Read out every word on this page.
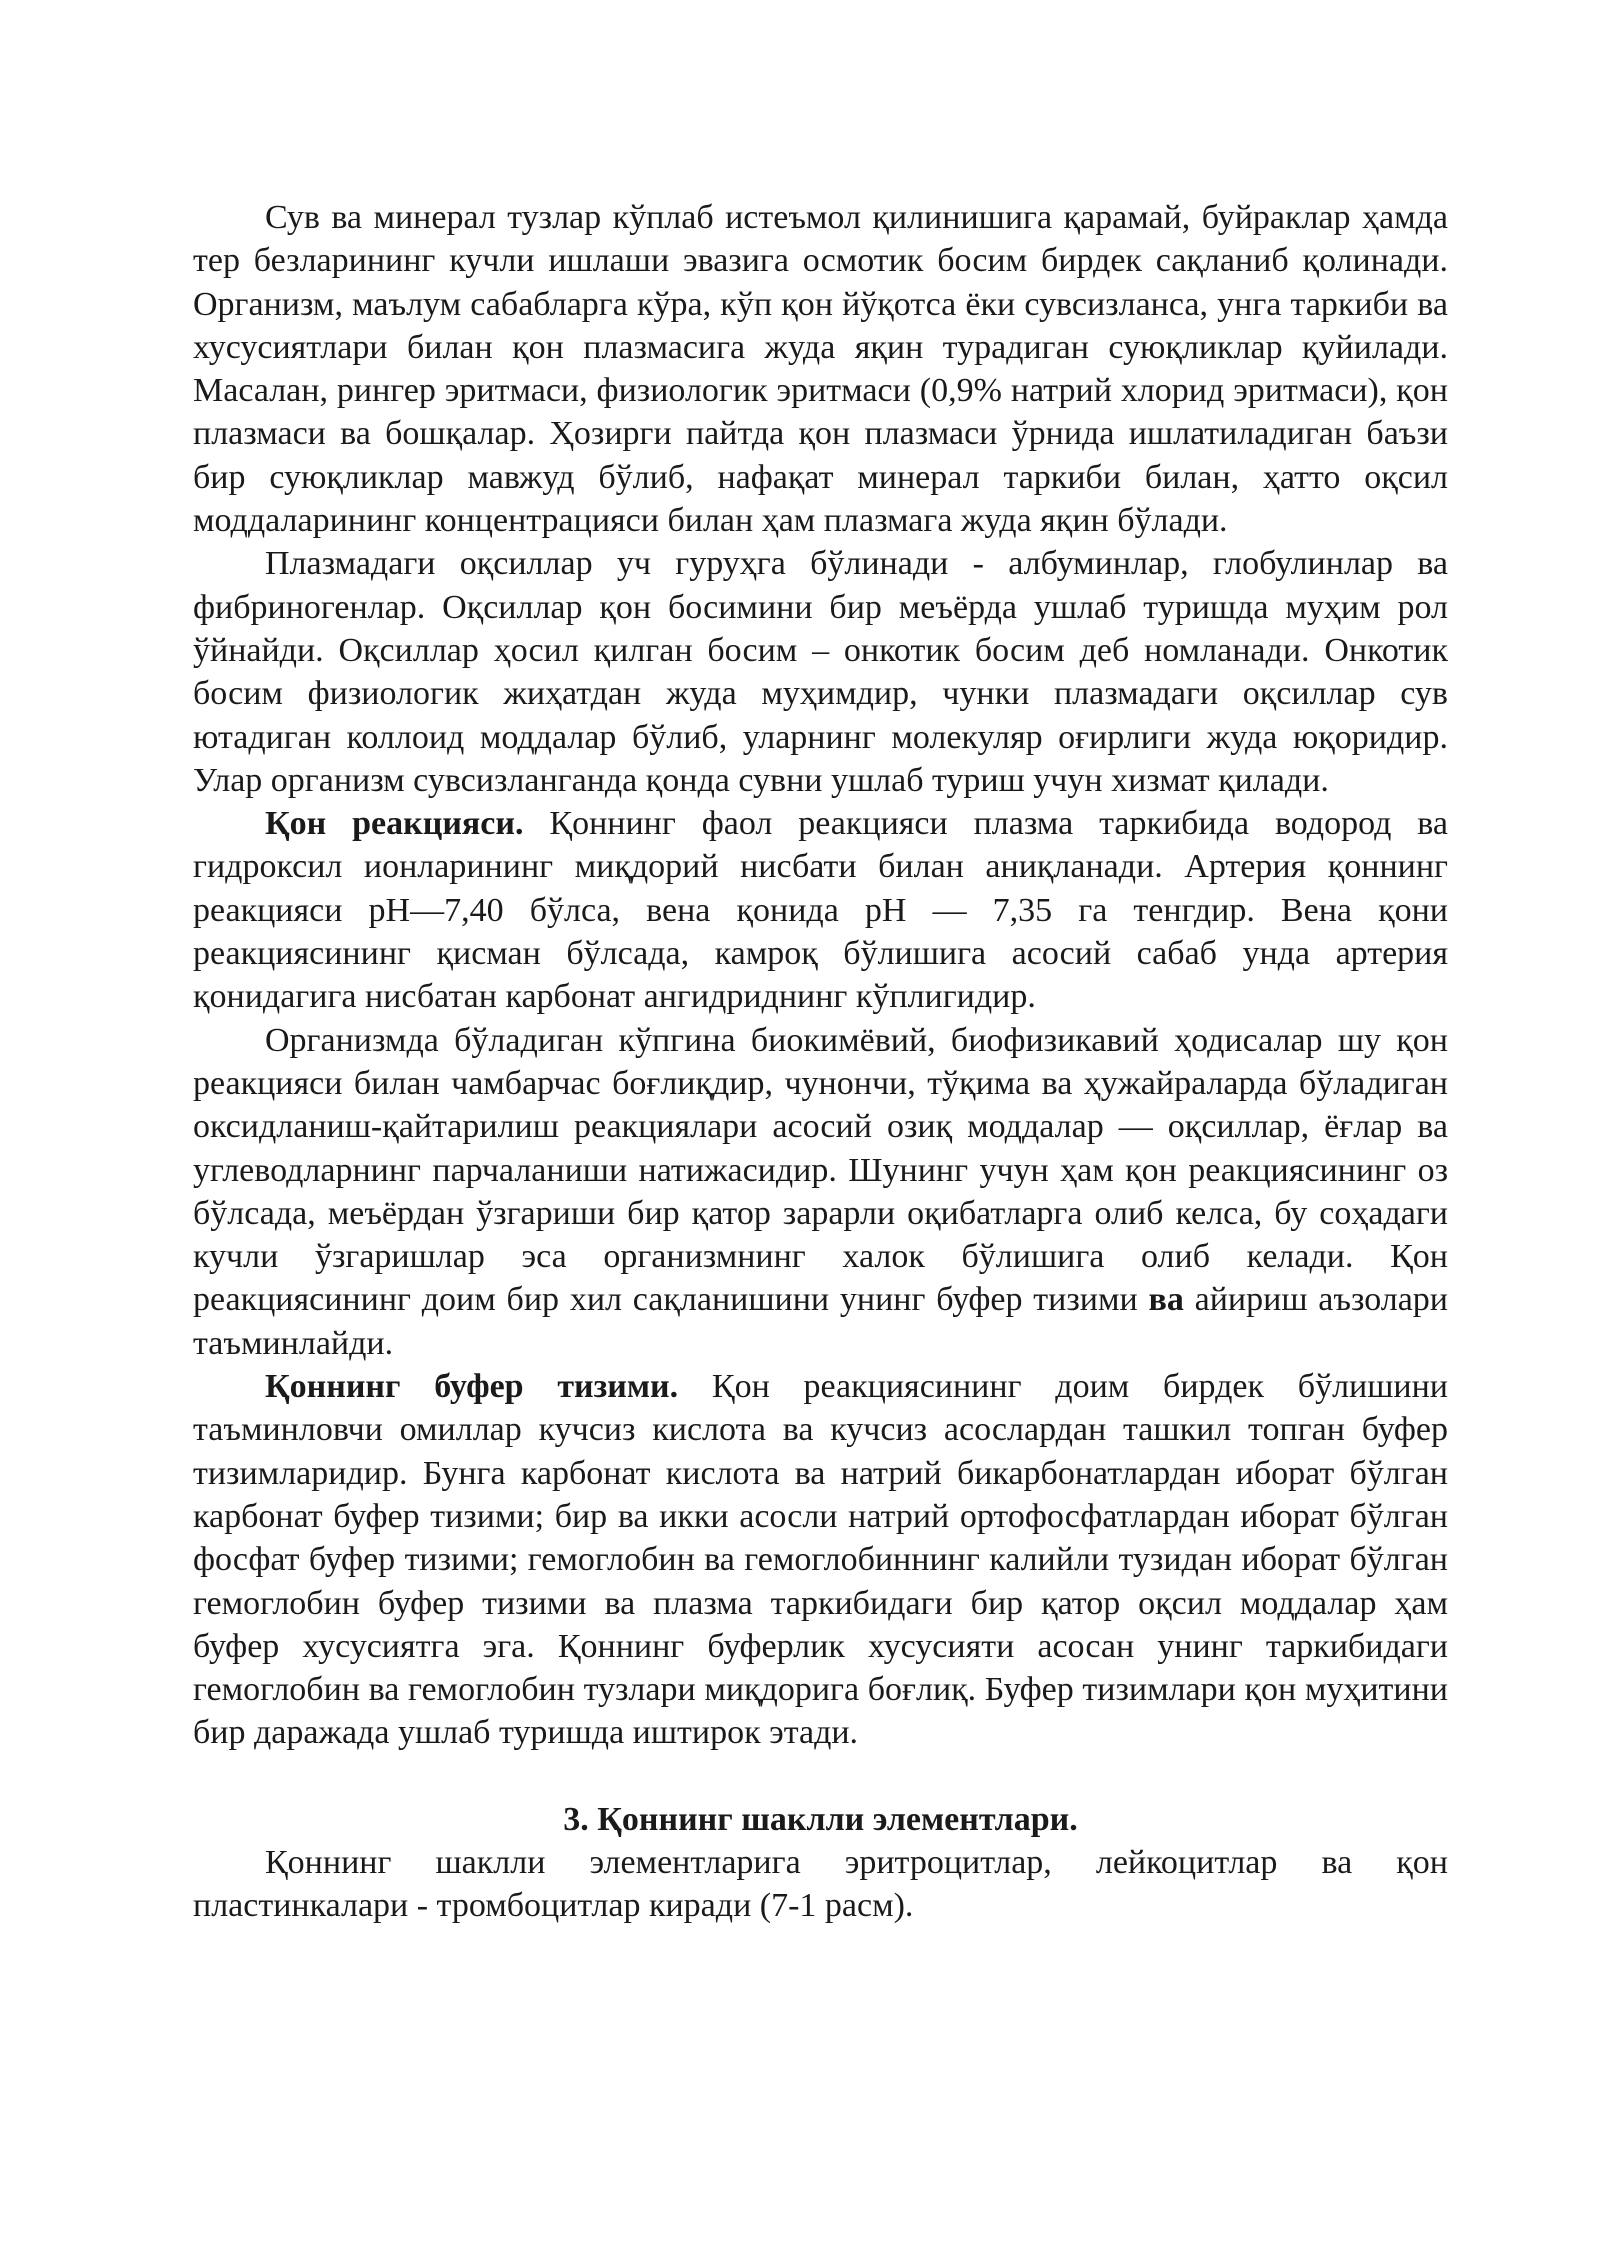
Сув ва минерал тузлар кўплаб истеъмол қилинишига қарамай, буйраклар ҳамда тер безларининг кучли ишлаши эвазига осмотик босим бирдек сақланиб қолинади. Организм, маълум сабабларга кўра, кўп қон йўқотса ёки сувсизланса, унга таркиби ва хусусиятлари билан қон плазмасига жуда яқин турадиган суюқликлар қуйилади. Масалан, рингер эритмаси, физиологик эритмаси (0,9% натрий хлорид эритмаси), қон плазмаси ва бошқалар. Ҳозирги пайтда қон плазмаси ўрнида ишлатиладиган баъзи бир суюқликлар мавжуд бўлиб, нафақат минерал таркиби билан, ҳатто оқсил моддаларининг концентрацияси билан ҳам плазмага жуда яқин бўлади.

Плазмадаги оқсиллар уч гуруҳга бўлинади - албуминлар, глобулинлар ва фибриногенлар. Оқсиллар қон босимини бир меъёрда ушлаб туришда муҳим рол ўйнайди. Оқсиллар ҳосил қилган босим – онкотик босим деб номланади. Онкотик босим физиологик жиҳатдан жуда муҳимдир, чунки плазмадаги оқсиллар сув ютадиган коллоид моддалар бўлиб, уларнинг молекуляр оғирлиги жуда юқоридир. Улар организм сувсизланганда қонда сувни ушлаб туриш учун хизмат қилади.

Қон реакцияси. Қоннинг фаол реакцияси плазма таркибида водород ва гидроксил ионларининг миқдорий нисбати билан аниқланади. Артерия қоннинг реакцияси рН—7,40 бўлса, вена қонида рН — 7,35 га тенгдир. Вена қони реакциясининг қисман бўлсада, камроқ бўлишига асосий сабаб унда артерия қонидагига нисбатан карбонат ангидриднинг кўплигидир.

Организмда бўладиган кўпгина биокимёвий, биофизикавий ҳодисалар шу қон реакцияси билан чамбарчас боғлиқдир, чунончи, тўқима ва ҳужайраларда бўладиган оксидланиш-қайтарилиш реакциялари асосий озиқ моддалар — оқсиллар, ёғлар ва углеводларнинг парчаланиши натижасидир. Шунинг учун ҳам қон реакциясининг оз бўлсада, меъёрдан ўзгариши бир қатор зарарли оқибатларга олиб келса, бу соҳадаги кучли ўзгаришлар эса организмнинг халок бўлишига олиб келади. Қон реакциясининг доим бир хил сақланишини унинг буфер тизими ва айириш аъзолари таъминлайди.

Қоннинг буфер тизими. Қон реакциясининг доим бирдек бўлишини таъминловчи омиллар кучсиз кислота ва кучсиз асослардан ташкил топган буфер тизимларидир. Бунга карбонат кислота ва натрий бикарбонатлардан иборат бўлган карбонат буфер тизими; бир ва икки асосли натрий ортофосфатлардан иборат бўлган фосфат буфер тизими; гемоглобин ва гемоглобиннинг калийли тузидан иборат бўлган гемоглобин буфер тизими ва плазма таркибидаги бир қатор оқсил моддалар ҳам буфер хусусиятга эга. Қоннинг буферлик хусусияти асосан унинг таркибидаги гемоглобин ва гемоглобин тузлари миқдорига боғлиқ. Буфер тизимлари қон муҳитини бир даражада ушлаб туришда иштирок этади.

3. Қоннинг шаклли элементлари.

Қоннинг шаклли элементларига эритроцитлар, лейкоцитлар ва қон пластинкалари - тромбоцитлар киради (7-1 расм).
